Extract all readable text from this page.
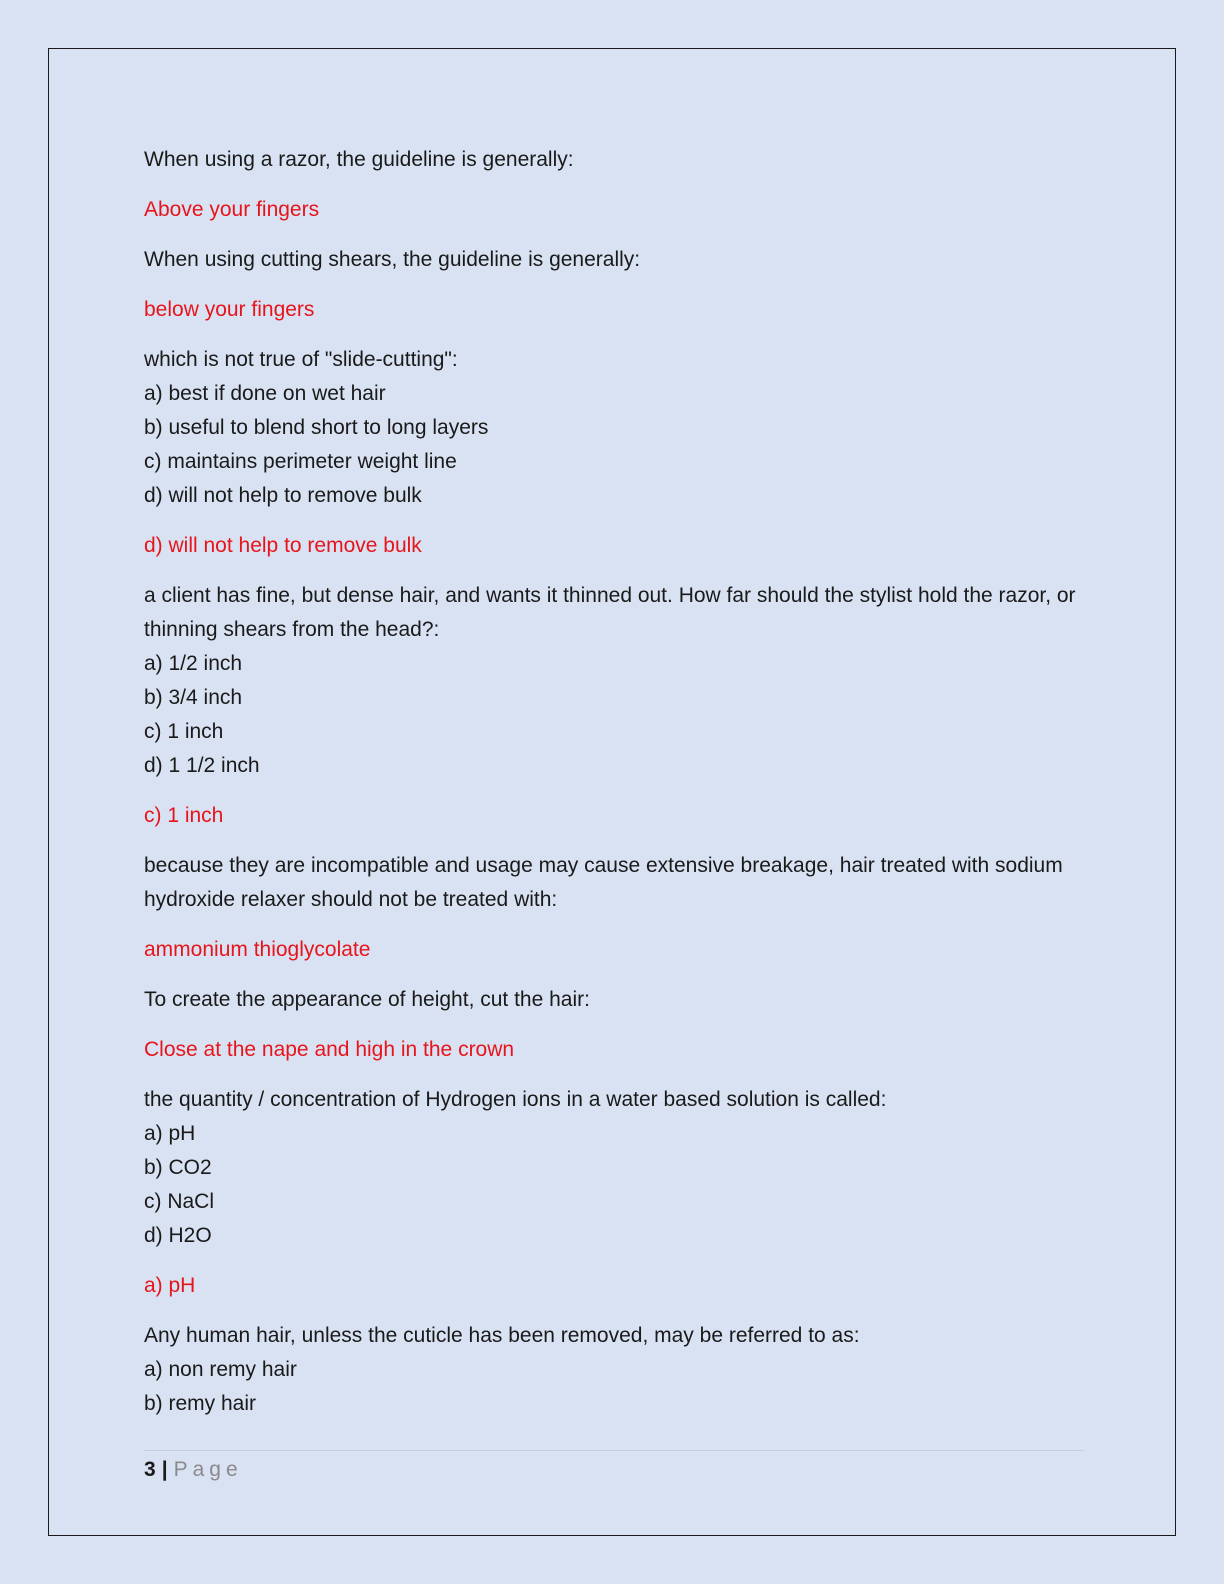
When using a razor, the guideline is generally:
Above your fingers
When using cutting shears, the guideline is generally:
below your fingers
which is not true of "slide-cutting":
a) best if done on wet hair
b) useful to blend short to long layers
c) maintains perimeter weight line
d) will not help to remove bulk
d) will not help to remove bulk
a client has fine, but dense hair, and wants it thinned out. How far should the stylist hold the razor, or thinning shears from the head?:
a) 1/2 inch
b) 3/4 inch
c) 1 inch
d) 1 1/2 inch
c) 1 inch
because they are incompatible and usage may cause extensive breakage, hair treated with sodium hydroxide relaxer should not be treated with:
ammonium thioglycolate
To create the appearance of height, cut the hair:
Close at the nape and high in the crown
the quantity / concentration of Hydrogen ions in a water based solution is called:
a) pH
b) CO2
c) NaCl
d) H2O
a) pH
Any human hair, unless the cuticle has been removed, may be referred to as:
a) non remy hair
b) remy hair
3 | Page
